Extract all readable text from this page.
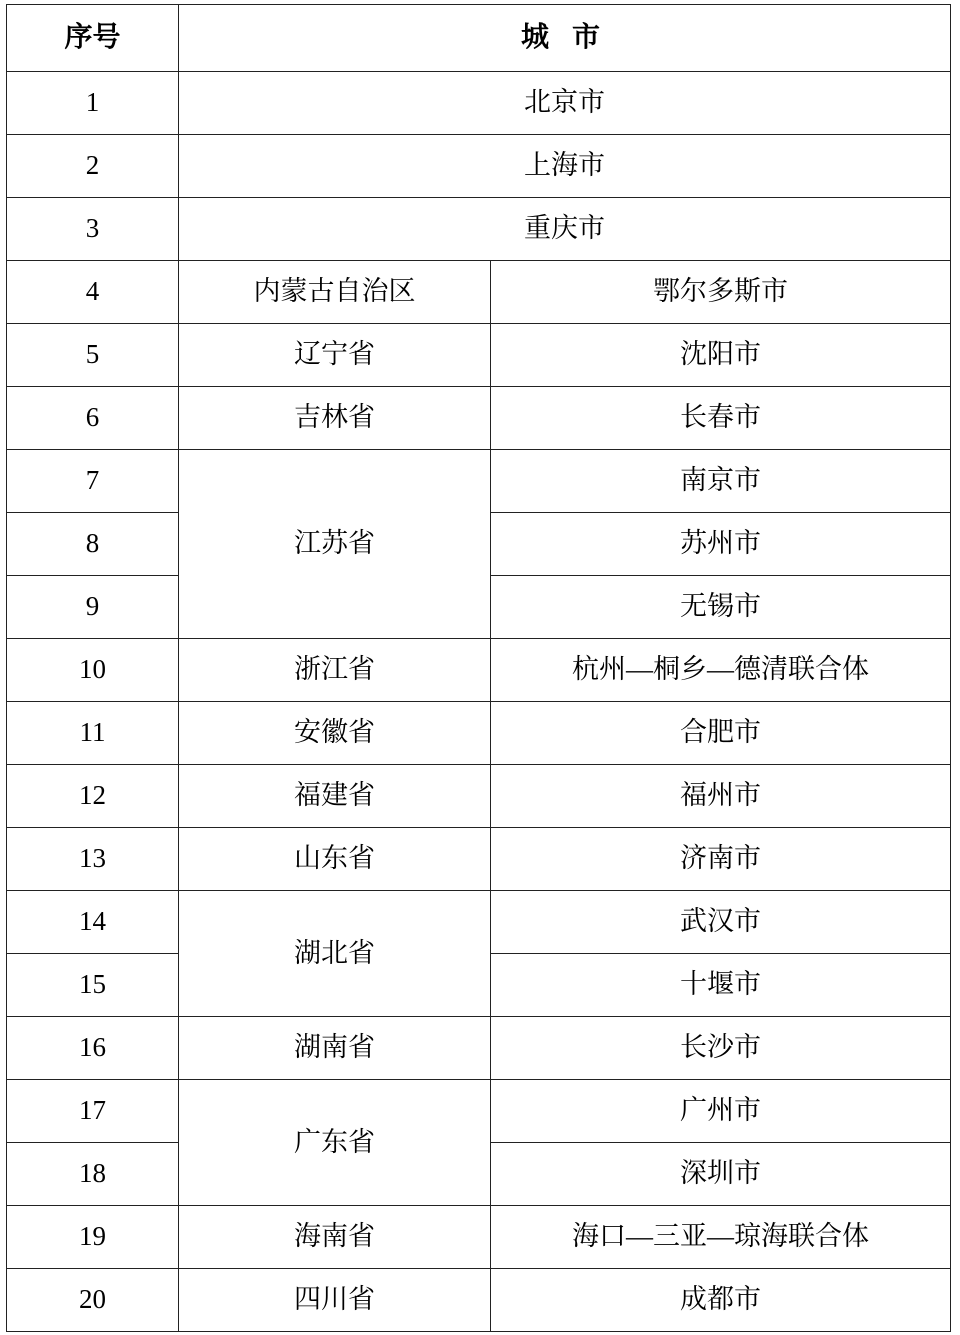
序号	城 市	
1	北京市	
2	上海市	
3	重庆市	
4	内蒙古自治区	鄂尔多斯市
5	辽宁省	沈阳市
6	吉林省	长春市
7	江苏省	南京市
8		苏州市
9		无锡市
10	浙江省	杭州—桐乡—德清联合体
11	安徽省	合肥市
12	福建省	福州市
13	山东省	济南市
14	湖北省	武汉市
15		十堰市
16	湖南省	长沙市
17	广东省	广州市
18		深圳市
19	海南省	海口—三亚—琼海联合体
20	四川省	成都市
